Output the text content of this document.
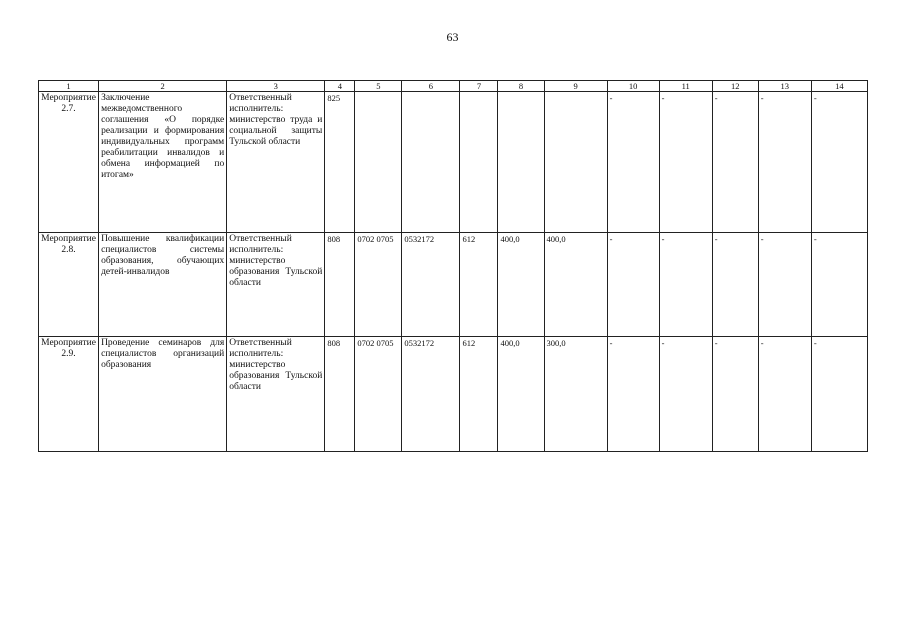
63
1	2	3	4	5	6	7	8	9	10	11	12	13	14
Мероприятие 2.7.	Заключение межведомственного соглашения «О порядке реализации и формирования индивидуальных программ реабилитации инвалидов и обмена информацией по итогам»	Ответственный исполнитель: министерство труда и социальной защиты Тульской области	825						-	-	-	-	-
Мероприятие 2.8.	Повышение квалификации специалистов системы образования, обучающих детей-инвалидов	Ответственный исполнитель: министерство образования Тульской области	808	0702 0705	0532172	612	400,0	400,0	-	-	-	-	-
Мероприятие 2.9.	Проведение семинаров для специалистов организаций образования	Ответственный исполнитель: министерство образования Тульской области	808	0702 0705	0532172	612	400,0	300,0	-	-	-	-	-
